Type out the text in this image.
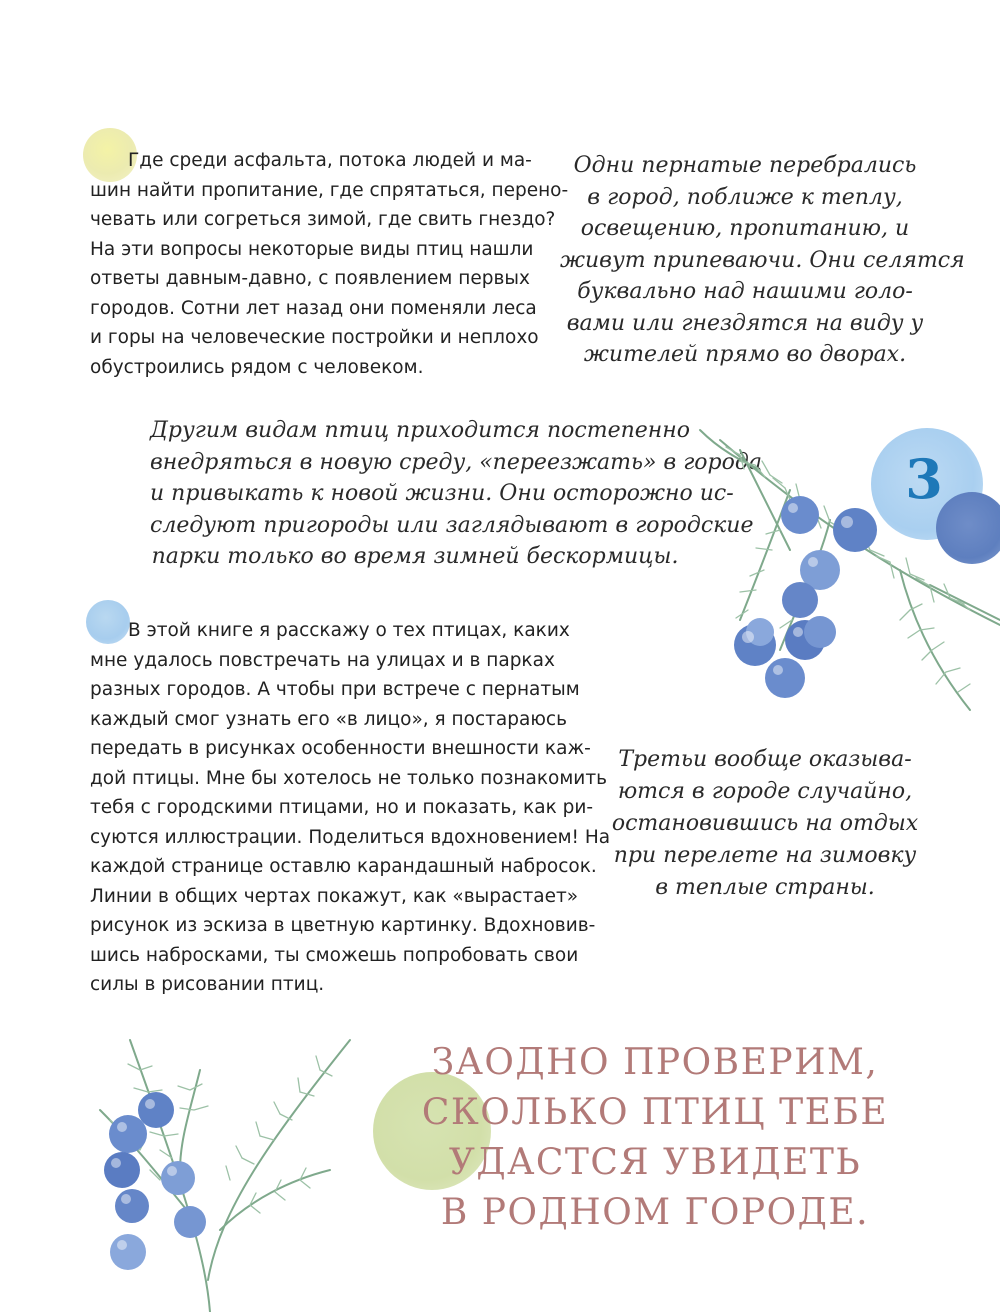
Где среди асфальта, потока людей и ма-
шин найти пропитание, где спрятаться, перено-
чевать или согреться зимой, где свить гнездо?
На эти вопросы некоторые виды птиц нашли
ответы давным-давно, с появлением первых
городов. Сотни лет назад они поменяли леса
и горы на человеческие постройки и неплохо
обустроились рядом с человеком.
Одни пернатые перебрались
в город, поближе к теплу,
освещению, пропитанию, и
живут припеваючи. Они селятся
буквально над нашими голо-
вами или гнездятся на виду у
жителей прямо во дворах.
Другим видам птиц приходится постепенно
внедряться в новую среду, «переезжать» в города
и привыкать к новой жизни. Они осторожно ис-
следуют пригороды или заглядывают в городские
парки только во время зимней бескормицы.
3
В этой книге я расскажу о тех птицах, каких
мне удалось повстречать на улицах и в парках
разных городов. А чтобы при встрече с пернатым
каждый смог узнать его «в лицо», я постараюсь
передать в рисунках особенности внешности каж-
дой птицы. Мне бы хотелось не только познакомить
тебя с городскими птицами, но и показать, как ри-
суются иллюстрации. Поделиться вдохновением! На
каждой странице оставлю карандашный набросок.
Линии в общих чертах покажут, как «вырастает»
рисунок из эскиза в цветную картинку. Вдохновив-
шись набросками, ты сможешь попробовать свои
силы в рисовании птиц.
Третьи вообще оказыва-
ются в городе случайно,
остановившись на отдых
при перелете на зимовку
в теплые страны.
ЗАОДНО ПРОВЕРИМ,
СКОЛЬКО ПТИЦ ТЕБЕ
УДАСТСЯ УВИДЕТЬ
В РОДНОМ ГОРОДЕ.
